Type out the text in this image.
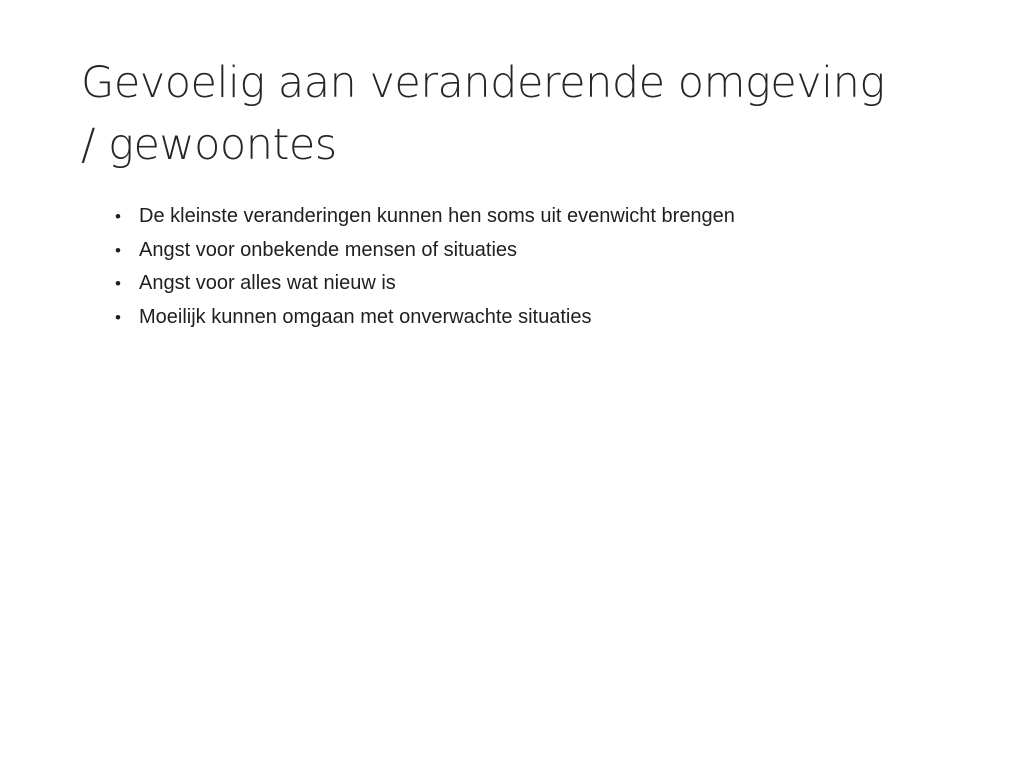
Gevoelig aan veranderende omgeving
/ gewoontes
• De kleinste veranderingen kunnen hen soms uit evenwicht brengen
• Angst voor onbekende mensen of situaties
• Angst voor alles wat nieuw is
• Moeilijk kunnen omgaan met onverwachte situaties
